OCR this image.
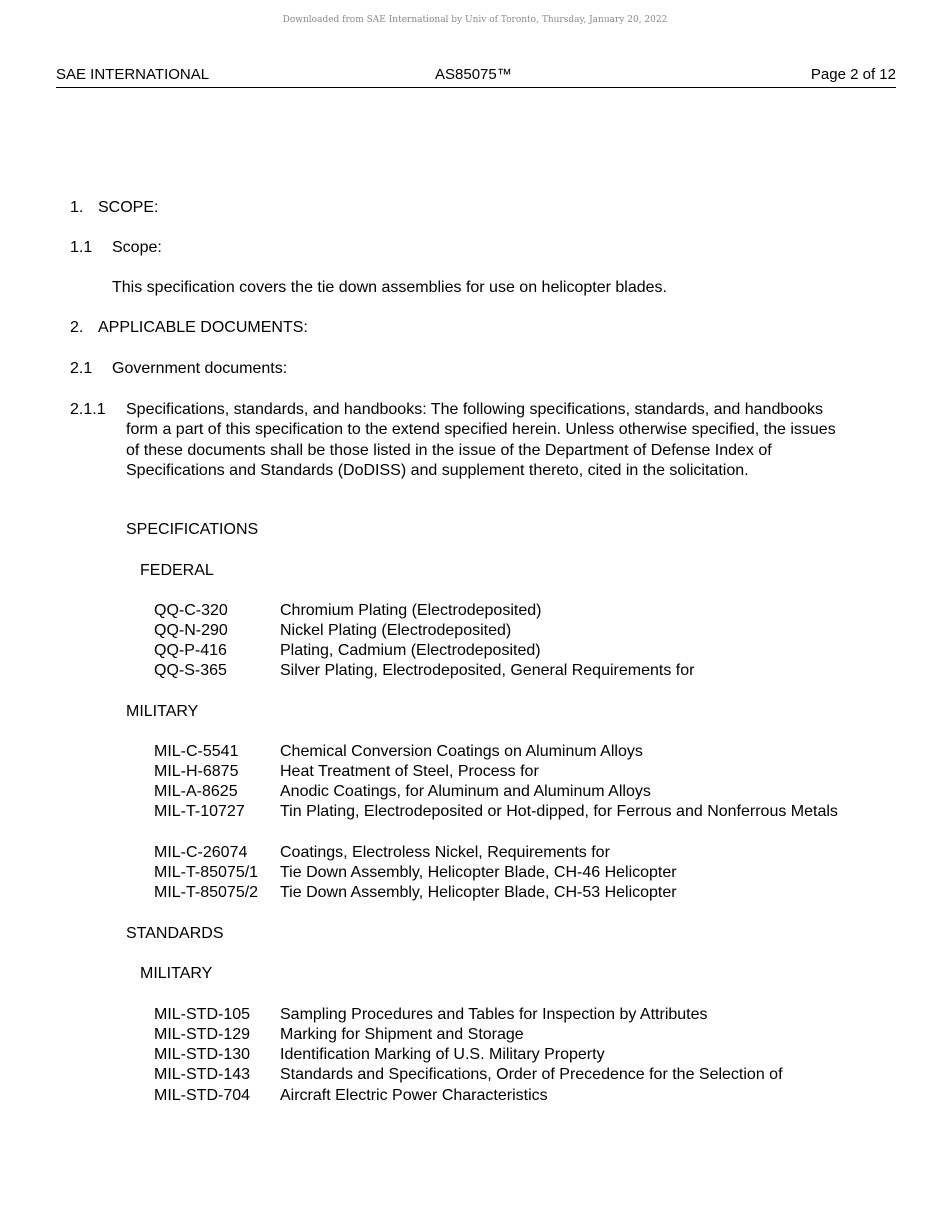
Downloaded from SAE International by Univ of Toronto, Thursday, January 20, 2022
SAE INTERNATIONAL	AS85075™	Page 2 of 12
1. SCOPE:
1.1 Scope:
This specification covers the tie down assemblies for use on helicopter blades.
2. APPLICABLE DOCUMENTS:
2.1 Government documents:
2.1.1 Specifications, standards, and handbooks: The following specifications, standards, and handbooks form a part of this specification to the extend specified herein. Unless otherwise specified, the issues of these documents shall be those listed in the issue of the Department of Defense Index of Specifications and Standards (DoDISS) and supplement thereto, cited in the solicitation.
SPECIFICATIONS
FEDERAL
QQ-C-320	Chromium Plating (Electrodeposited)
QQ-N-290	Nickel Plating (Electrodeposited)
QQ-P-416	Plating, Cadmium (Electrodeposited)
QQ-S-365	Silver Plating, Electrodeposited, General Requirements for
MILITARY
MIL-C-5541	Chemical Conversion Coatings on Aluminum Alloys
MIL-H-6875	Heat Treatment of Steel, Process for
MIL-A-8625	Anodic Coatings, for Aluminum and Aluminum Alloys
MIL-T-10727 Tin Plating, Electrodeposited or Hot-dipped, for Ferrous and Nonferrous Metals
MIL-C-26074 Coatings, Electroless Nickel, Requirements for
MIL-T-85075/1 Tie Down Assembly, Helicopter Blade, CH-46 Helicopter
MIL-T-85075/2 Tie Down Assembly, Helicopter Blade, CH-53 Helicopter
STANDARDS
MILITARY
MIL-STD-105 Sampling Procedures and Tables for Inspection by Attributes
MIL-STD-129 Marking for Shipment and Storage
MIL-STD-130 Identification Marking of U.S. Military Property
MIL-STD-143 Standards and Specifications, Order of Precedence for the Selection of
MIL-STD-704 Aircraft Electric Power Characteristics
